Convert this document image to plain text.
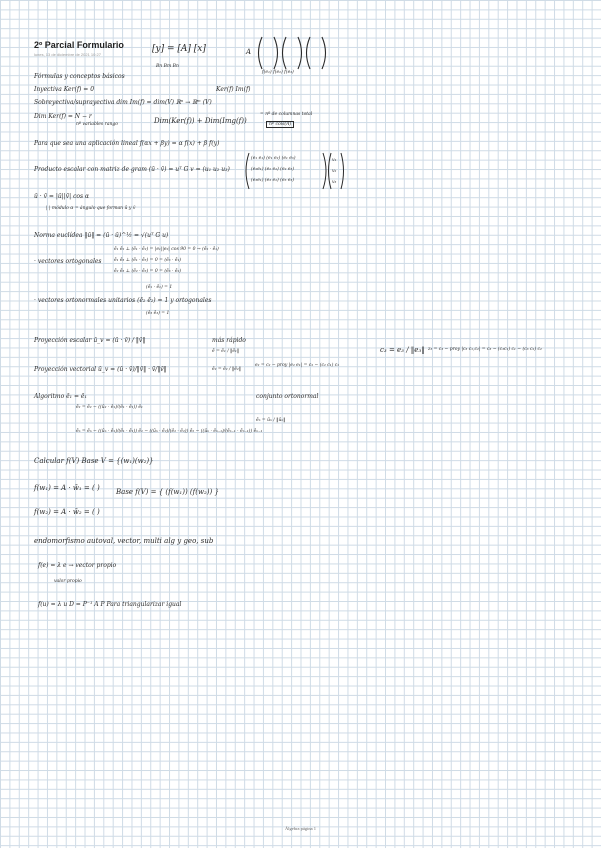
2º Parcial Formulario
lunes, 13 de diciembre de 2021 10:27
[y] = [A] [x]
Bn Bm Bn
A
f(e₁) f(e₂) f(e₃)
Fórmulas y conceptos básicos
Inyectiva Ker(f) = 0	Ker(f) Im(f)
Sobreyectiva/suprayectiva dim Im(f) = dim(V) ℝⁿ → ℝᵐ (V)
Dim Ker(f) = N − r
nº variables rango	Dim(Ker(f)) + Dim(Img(f))
= nº de columnas total
nº cols(A)
Para que sea una aplicación lineal f(αx + βy) = α f(x) + β f(y)
Producto escalar con matriz de gram (ū · v̄) = uᵀ G v = (u₁ u₂ u₃)
(e₁ e₁) (e₁ e₂) (e₁ e₃)
(e₂e₁) (e₂ e₂) (e₂ e₃)
(e₃e₁) (e₃ e₂) (e₃ e₃)
v₁
v₂
v₃
ū · v̄ = |ū||v̄| cos α
| | módulo α = ángulo que forman ū y v̄
Norma euclídea ‖ū‖ = (ū · ū)^½ = √(uᵀ G u)
· vectores ortogonales
ē₁ ē₂ ⊥ (ē₁ · ē₂) = |e₁||e₂| cos 90 = 0 → (ē₂ · ē₁)
ē₁ ē₃ ⊥ (ē₁ · ē₃) = 0 = (ē₃ · ē₁)
ē₂ ē₃ ⊥ (ē₂ · ē₃) = 0 = (ē₃ · ē₂)
(ē₁ · ē₁) = 1
· vectores ortonormales unitarios (ē₂ ē₂) = 1 y ortogonales
(ē₃ ē₃) = 1
Proyección escalar ū_v = (ū · v̄) / ‖v̄‖
Proyección vectorial ū_v = (ū · v̄)/‖v̄‖ · v̄/‖v̄‖
más rápido
ē = ē₁ / ‖ē₁‖
ē₂ = ē₂ / ‖ē₂‖
e₂ = c₂ − proy |e₂ e₁| = c₂ − (c₂ c₁) c₁
c₃ = e₃ / ‖e₃‖ z₃ = c₃ − proy |c₃ c₁,c₂| = c₃ − (c₃c₁) c₁ − (c₃ c₂) c₂
Algoritmo ē₁ = ē₁
ē₂ = ē₂ − ((ū₂ · ē₁)/(ē₁ · ē₁)) ē₁
ēₙ = ēₙ − ((ūₙ · ē₁)/(ē₁ · ē₁)) ē₁ − ((ūₙ · ē₂)/(ē₂ · ē₂)) ē₂ − ((ūₙ · ēₙ₋₁)/(ēₙ₋₁ · ēₙ₋₁)) ēₙ₋₁
conjunto ortonormal
ēₙ = ūₙ / ‖ūₙ‖
Calcular f(V) Base V = {(w₁)(w₂)}
f(w₁) = A · w̄₁ = ( ) Base f(V) = { (f(w₁)) (f(w₂)) }
f(w₂) = A · w̄₂ = ( )
endomorfismo autoval, vector, multi alg y geo, sub
f(e) = λ e → vector propio
valor propio
f(u) = λ u D = P⁻¹ A P Para triangularizar igual
Álgebra página 1
